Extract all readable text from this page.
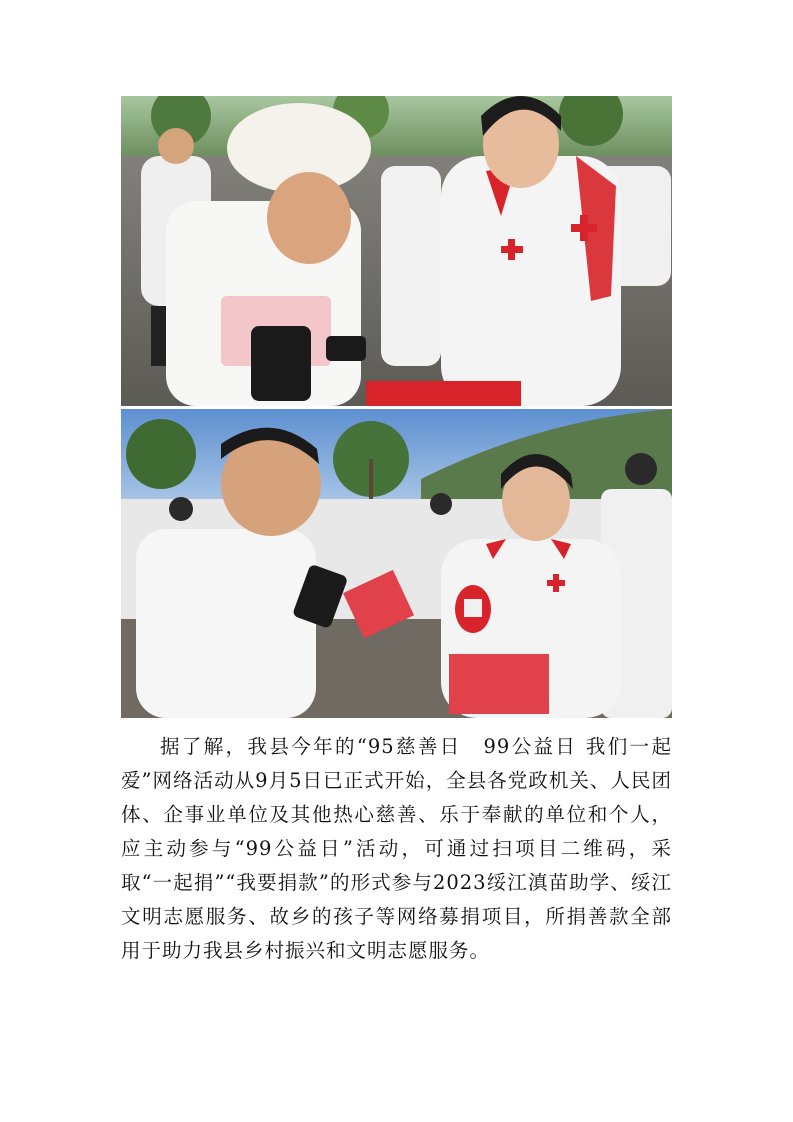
据了解，我县今年的“95慈善日　99公益日 我们一起爱”网络活动从9月5日已正式开始，全县各党政机关、人民团体、企事业单位及其他热心慈善、乐于奉献的单位和个人，应主动参与“99公益日”活动，可通过扫项目二维码，采取“一起捐”“我要捐款”的形式参与2023绥江滇苗助学、绥江文明志愿服务、故乡的孩子等网络募捐项目，所捐善款全部用于助力我县乡村振兴和文明志愿服务。
